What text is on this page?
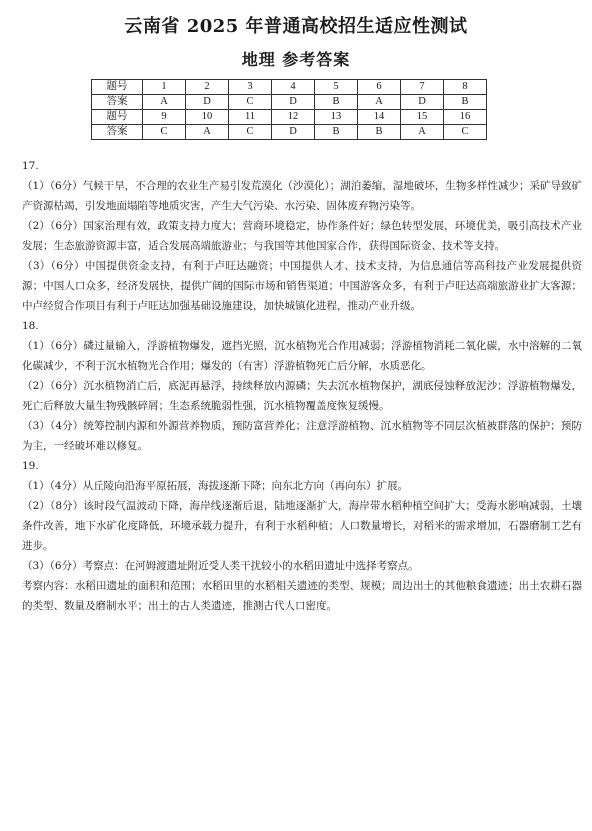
云南省 2025 年普通高校招生适应性测试
地理 参考答案
题号	1	2	3	4	5	6	7	8
答案	A	D	C	D	B	A	D	B
题号	9	10	11	12	13	14	15	16
答案	C	A	C	D	B	B	A	C
17.

（1）（6分）气候干旱，不合理的农业生产易引发荒漠化（沙漠化）；湖泊萎缩，湿地破坏，生物多样性减少；采矿导致矿产资源枯竭，引发地面塌陷等地质灾害，产生大气污染、水污染、固体废弃物污染等。

（2）（6分）国家治理有效，政策支持力度大；营商环境稳定，协作条件好；绿色转型发展，环境优美，吸引高技术产业发展；生态旅游资源丰富，适合发展高端旅游业；与我国等其他国家合作，获得国际资金、技术等支持。

（3）（6分）中国提供资金支持，有利于卢旺达融资；中国提供人才、技术支持，为信息通信等高科技产业发展提供资源；中国人口众多，经济发展快，提供广阔的国际市场和销售渠道；中国游客众多，有利于卢旺达高端旅游业扩大客源；中卢经贸合作项目有利于卢旺达加强基础设施建设，加快城镇化进程，推动产业升级。

18.

（1）（6分）磷过量输入，浮游植物爆发，遮挡光照，沉水植物光合作用减弱；浮游植物消耗二氧化碳，水中溶解的二氧化碳减少，不利于沉水植物光合作用；爆发的（有害）浮游植物死亡后分解，水质恶化。

（2）（6分）沉水植物消亡后，底泥再悬浮，持续释放内源磷；失去沉水植物保护，湖底侵蚀释放泥沙；浮游植物爆发，死亡后释放大量生物残骸碎屑；生态系统脆弱性强，沉水植物覆盖度恢复缓慢。

（3）（4分）统筹控制内源和外源营养物质，预防富营养化；注意浮游植物、沉水植物等不同层次植被群落的保护；预防为主，一经破坏难以修复。

19.

（1）（4分）从丘陵向沿海平原拓展，海拔逐渐下降；向东北方向（再向东）扩展。

（2）（8分）该时段气温波动下降，海岸线逐渐后退，陆地逐渐扩大，海岸带水稻种植空间扩大；受海水影响减弱，土壤条件改善，地下水矿化度降低，环境承载力提升，有利于水稻种植；人口数量增长，对稻米的需求增加，石器磨制工艺有进步。

（3）（6分）考察点：在河姆渡遗址附近受人类干扰较小的水稻田遗址中选择考察点。

考察内容：水稻田遗址的面积和范围；水稻田里的水稻相关遗迹的类型、规模；周边出土的其他粮食遗迹；出土农耕石器的类型、数量及磨制水平；出土的古人类遗迹，推测古代人口密度。
